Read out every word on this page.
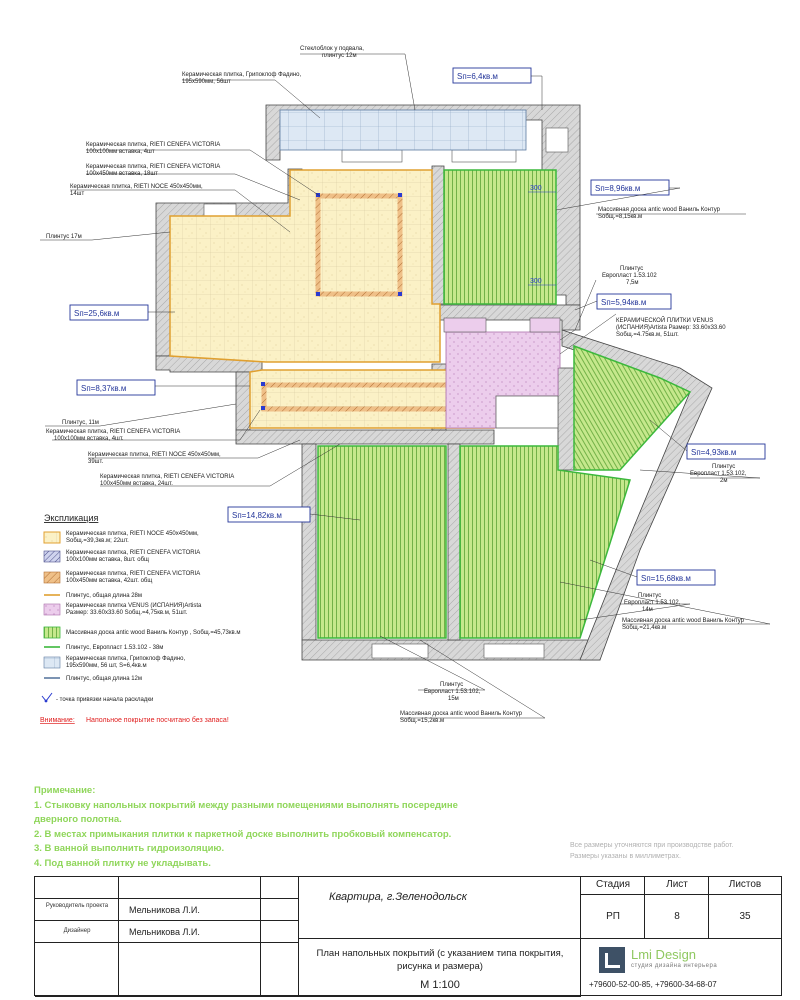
300
300
Sп=6,4кв.м
Sп=8,96кв.м
Sп=5,94кв.м
Sп=25,6кв.м
Sп=8,37кв.м
Sп=4,93кв.м
Sп=14,82кв.м
Sп=15,68кв.м
Стеклоблок у подвала, плинтус 12м
Керамическая плитка, Грипоклоф Фадино, 195x590мм, 56шт
Керамическая плитка, RIETI CENEFA VICTORIA 100x100мм вставка, 4шт
Керамическая плитка, RIETI CENEFA VICTORIA 100x450мм вставка, 18шт
Керамическая плитка, RIETI NOCE 450x450мм, 14шт
Плинтус 17м
Массивная доска antic wood Ваниль Контур Sобщ.=8,15кв.м
Плинтус Европласт 1.53.102 7,5м
КЕРАМИЧЕСКОЙ ПЛИТКИ VENUS (ИСПАНИЯ)Artista Размер: 33.60x33.60 Sобщ.=4.75кв.м, 51шт.
Плинтус, 11м Керамическая плитка, RIETI CENEFA VICTORIA 100x100мм вставка, 4шт.
Керамическая плитка, RIETI NOCE 450x450мм, 39шт.
Керамическая плитка, RIETI CENEFA VICTORIA 100x450мм вставка, 24шт.
Плинтус Европласт 1.53.102, 2м
Плинтус Европласт 1.53.102, 14м
Массивная доска antic wood Ваниль Контур Sобщ.=21,4кв.м
Плинтус Европласт 1.53.102, 15м
Массивная доска antic wood Ваниль Контур Sобщ.=15,2кв.м
Экспликация
Керамическая плитка, RIETI NOCE 450x450мм, Sобщ.=39,3кв.м; 22шт.
Керамическая плитка, RIETI CENEFA VICTORIA 100x100мм вставка, 8шт. общ
Керамическая плитка, RIETI CENEFA VICTORIA 100x450мм вставка, 42шт. общ
Плинтус, общая длина 28м
Керамическая плитка VENUS (ИСПАНИЯ)Artista Размер: 33.60x33.60 Sобщ.=4,75кв.м, 51шт.
Массивная доска antic wood Ваниль Контур , Sобщ.=45,73кв.м
Плинтус, Европласт 1.53.102 - 38м
Керамическая плитка, Грипоклоф Фадино, 195x590мм, 56 шт, S=6,4кв.м
Плинтус, общая длина 12м
- точка привязки начала раскладки
Внимание: Напольное покрытие посчитано без запаса!
Примечание:
1. Стыковку напольных покрытий между разными помещениями выполнять посередине
дверного полотна.
2. В местах примыкания плитки к паркетной доске выполнить пробковый компенсатор.
3. В ванной выполнить гидроизоляцию.
4. Под ванной плитку не укладывать.
Все размеры уточняются при производстве работ.
Размеры указаны в миллиметрах.
Руководитель проекта	Мельникова Л.И.
Дизайнер	Мельникова Л.И.
Квартира, г.Зеленодольск
План напольных покрытий (с указанием типа покрытия, рисунка и размера)
М 1:100
Стадия	Лист	Листов
РП	8	35
Lmi Design
студия дизайна интерьера
+79600-52-00-85, +79600-34-68-07
